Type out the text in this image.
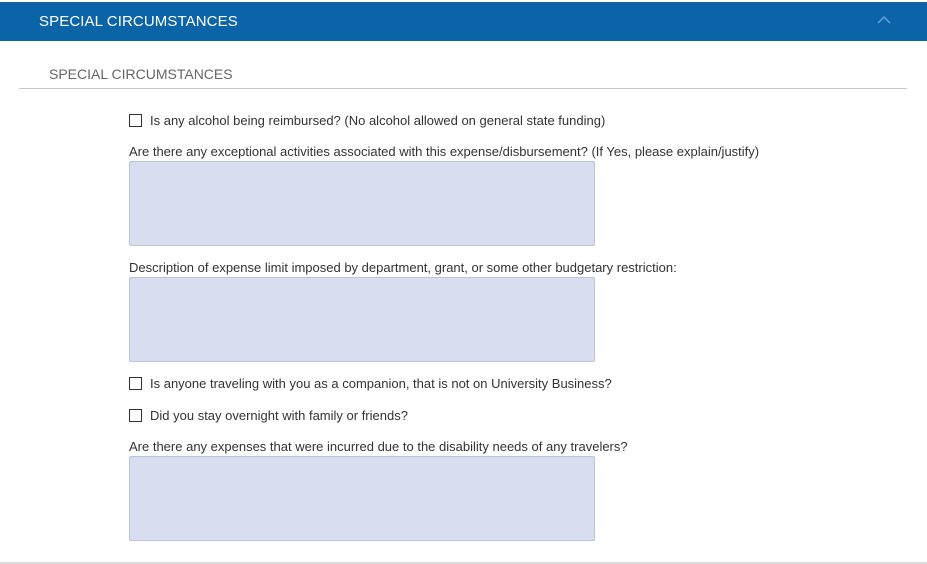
SPECIAL CIRCUMSTANCES
SPECIAL CIRCUMSTANCES
Is any alcohol being reimbursed? (No alcohol allowed on general state funding)
Are there any exceptional activities associated with this expense/disbursement? (If Yes, please explain/justify)
Description of expense limit imposed by department, grant, or some other budgetary restriction:
Is anyone traveling with you as a companion, that is not on University Business?
Did you stay overnight with family or friends?
Are there any expenses that were incurred due to the disability needs of any travelers?
